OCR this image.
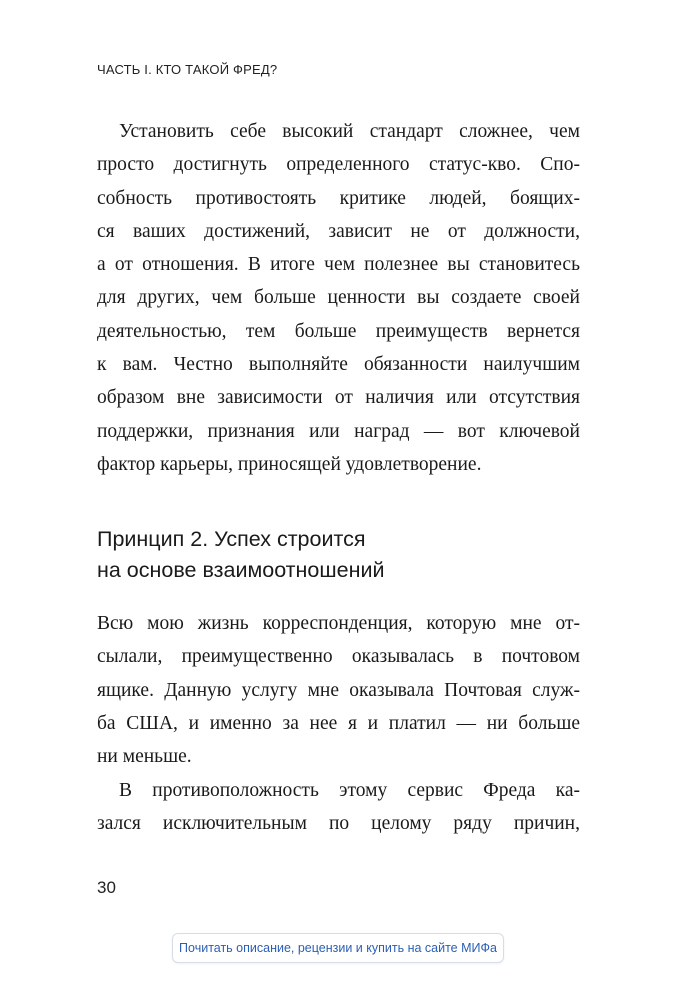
ЧАСТЬ I. КТО ТАКОЙ ФРЕД?
Установить себе высокий стандарт сложнее, чем
просто достигнуть определенного статус-кво. Спо-
собность противостоять критике людей, боящих-
ся ваших достижений, зависит не от должности,
а от отношения. В итоге чем полезнее вы становитесь
для других, чем больше ценности вы создаете своей
деятельностью, тем больше преимуществ вернется
к вам. Честно выполняйте обязанности наилучшим
образом вне зависимости от наличия или отсутствия
поддержки, признания или наград — вот ключевой
фактор карьеры, приносящей удовлетворение.
Принцип 2. Успех строится
на основе взаимоотношений
Всю мою жизнь корреспонденция, которую мне от-
сылали, преимущественно оказывалась в почтовом
ящике. Данную услугу мне оказывала Почтовая служ-
ба США, и именно за нее я и платил — ни больше
ни меньше.
В противоположность этому сервис Фреда ка-
зался исключительным по целому ряду причин,
30
Почитать описание, рецензии и купить на сайте МИФа
